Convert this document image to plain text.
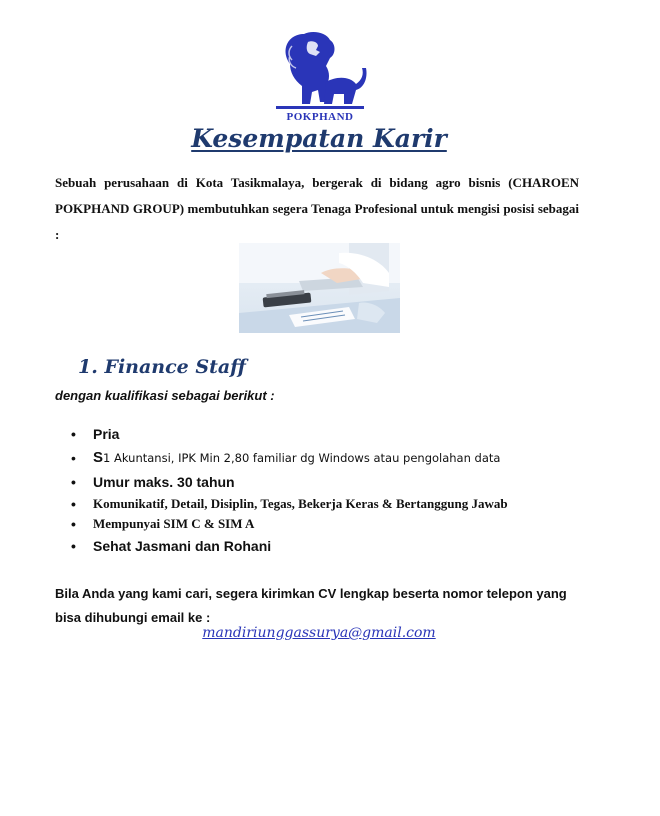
POKPHAND
Kesempatan Karir
Sebuah perusahaan di Kota Tasikmalaya, bergerak di bidang agro bisnis (CHAROEN POKPHAND GROUP) membutuhkan segera Tenaga Profesional untuk mengisi posisi sebagai :
1. Finance Staff
dengan kualifikasi sebagai berikut :
• Pria
• S1 Akuntansi, IPK Min 2,80 familiar dg Windows atau pengolahan data
• Umur maks. 30 tahun
• Komunikatif, Detail, Disiplin, Tegas, Bekerja Keras & Bertanggung Jawab
• Mempunyai SIM C & SIM A
• Sehat Jasmani dan Rohani
Bila Anda yang kami cari, segera kirimkan CV lengkap beserta nomor telepon yang bisa dihubungi email ke :
mandiriunggassurya@gmail.com
